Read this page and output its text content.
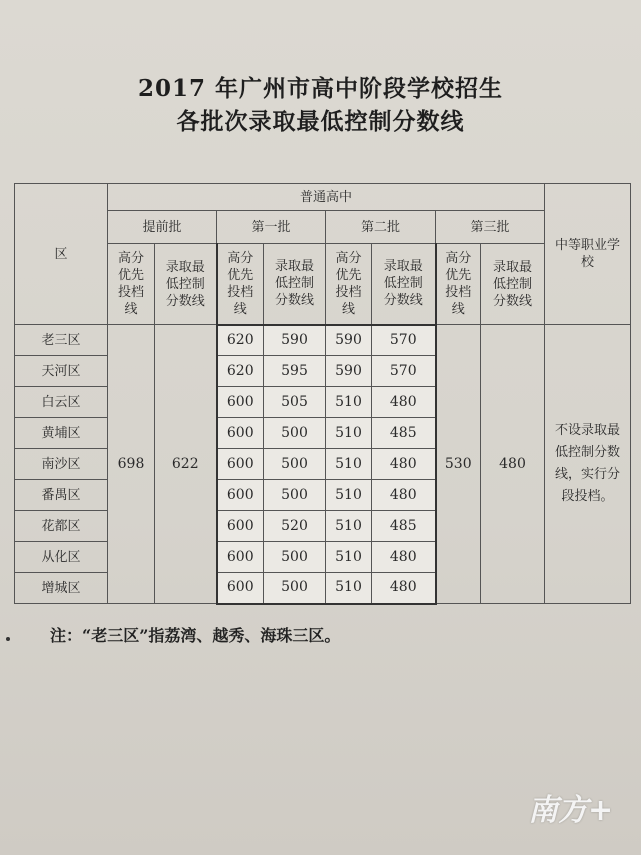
2017 年广州市高中阶段学校招生
各批次录取最低控制分数线
区	普通高中								中等职业学校
	提前批		第一批		第二批		第三批		
	高分优先投档线	录取最低控制分数线	高分优先投档线	录取最低控制分数线	高分优先投档线	录取最低控制分数线	高分优先投档线	录取最低控制分数线	
老三区	698	622	620	590	590	570	530	480	不设录取最低控制分数线，实行分段投档。
天河区			620	595	590	570			
白云区			600	505	510	480			
黄埔区			600	500	510	485			
南沙区			600	500	510	480			
番禺区			600	500	510	480			
花都区			600	520	510	485			
从化区			600	500	510	480			
增城区			600	500	510	480			
注：“老三区”指荔湾、越秀、海珠三区。
南方+
